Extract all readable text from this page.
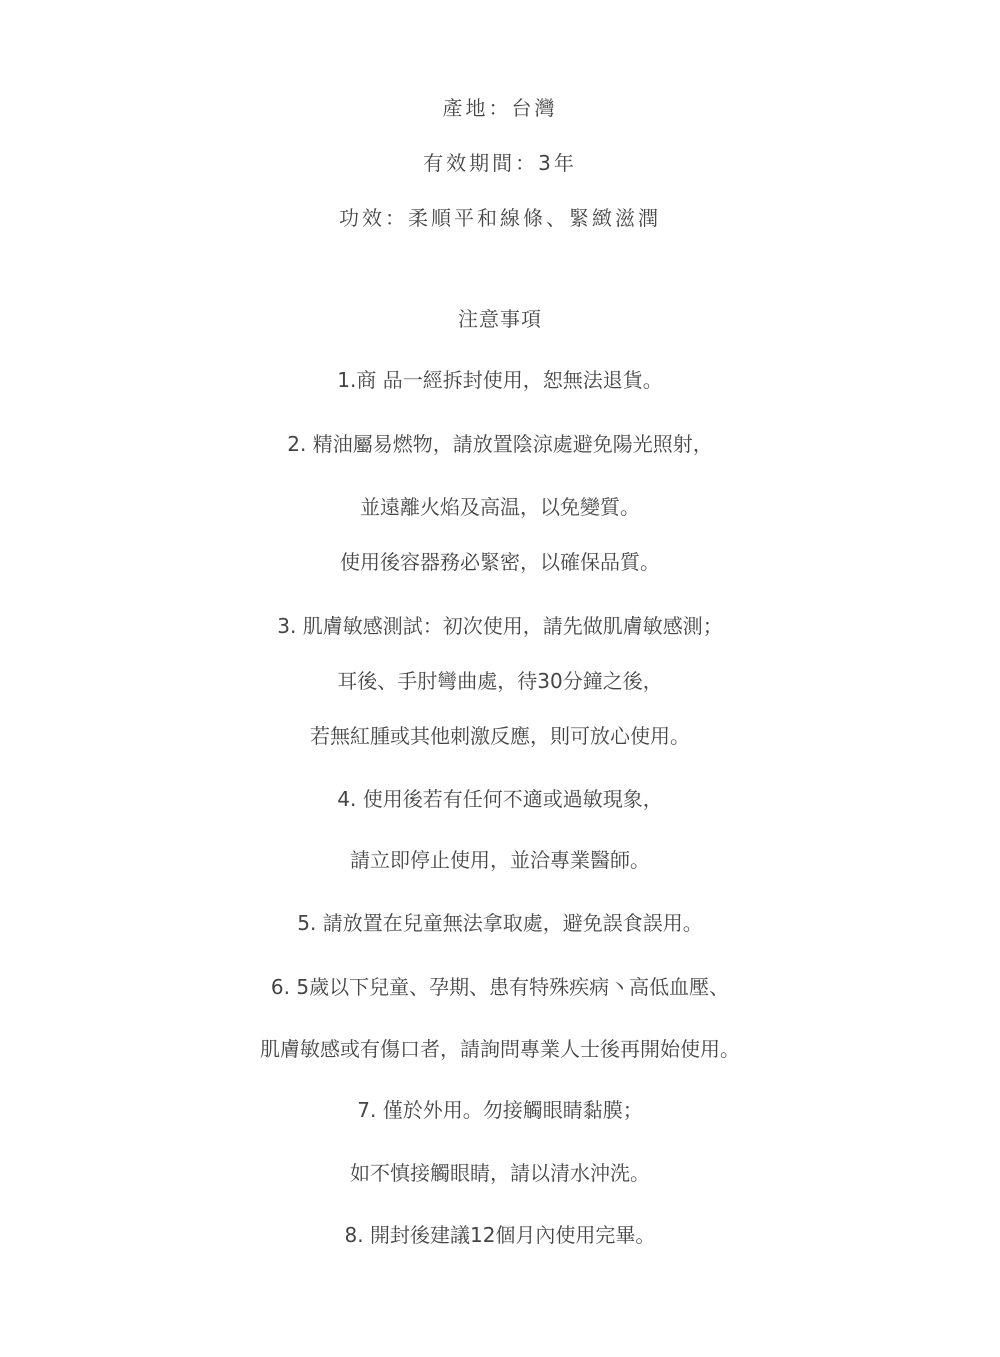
產地：台灣
有效期間：3年
功效：柔順平和線條、緊緻滋潤
注意事項
1.商 品一經拆封使用，恕無法退貨。
2. 精油屬易燃物，請放置陰涼處避免陽光照射，
並遠離火焰及高温，以免變質。
使用後容器務必緊密，以確保品質。
3. 肌膚敏感測試：初次使用，請先做肌膚敏感測；
耳後、手肘彎曲處，待30分鐘之後，
若無紅腫或其他刺激反應，則可放心使用。
4. 使用後若有任何不適或過敏現象，
請立即停止使用，並洽專業醫師。
5. 請放置在兒童無法拿取處，避免誤食誤用。
6. 5歲以下兒童、孕期、患有特殊疾病丶高低血壓、
肌膚敏感或有傷口者，請詢問專業人士後再開始使用。
7. 僅於外用。勿接觸眼睛黏膜；
如不慎接觸眼睛，請以清水沖洗。
8. 開封後建議12個月內使用完畢。
